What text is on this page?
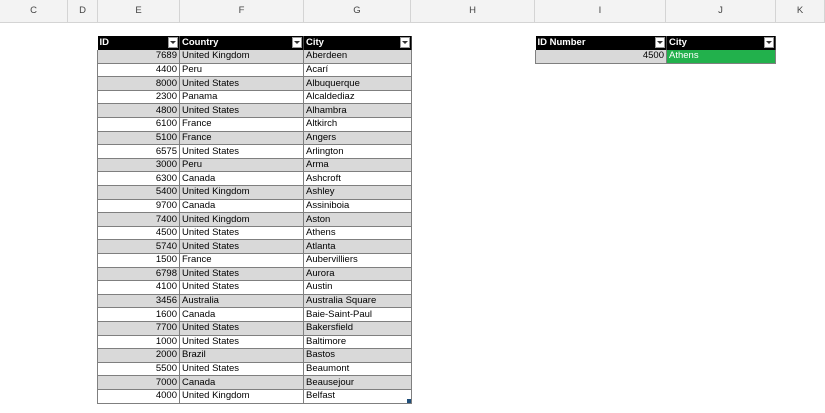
C	D	E	F	G	H	I	J	K
ID	Country	City

7689	United Kingdom	Aberdeen
4400	Peru	Acarí
8000	United States	Albuquerque
2300	Panama	Alcaldediaz
4800	United States	Alhambra
6100	France	Altkirch
5100	France	Angers
6575	United States	Arlington
3000	Peru	Arma
6300	Canada	Ashcroft
5400	United Kingdom	Ashley
9700	Canada	Assiniboia
7400	United Kingdom	Aston
4500	United States	Athens
5740	United States	Atlanta
1500	France	Aubervilliers
6798	United States	Aurora
4100	United States	Austin
3456	Australia	Australia Square
1600	Canada	Baie-Saint-Paul
7700	United States	Bakersfield
1000	United States	Baltimore
2000	Brazil	Bastos
5500	United States	Beaumont
7000	Canada	Beausejour
4000	United Kingdom	Belfast
ID Number	City

4500	Athens
